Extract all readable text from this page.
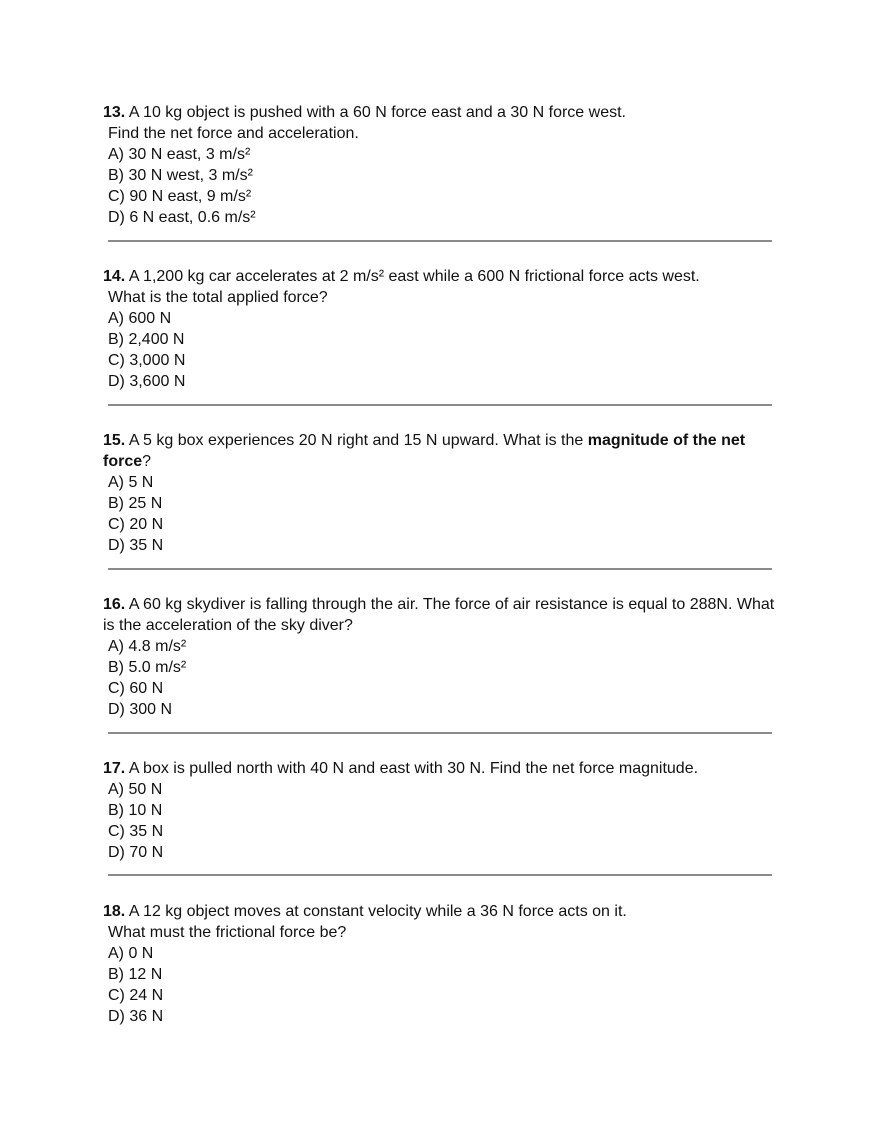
13. A 10 kg object is pushed with a 60 N force east and a 30 N force west.
Find the net force and acceleration.

A) 30 N east, 3 m/s²
B) 30 N west, 3 m/s²
C) 90 N east, 9 m/s²
D) 6 N east, 0.6 m/s²

14. A 1,200 kg car accelerates at 2 m/s² east while a 600 N frictional force acts west.
What is the total applied force?

A) 600 N
B) 2,400 N
C) 3,000 N
D) 3,600 N

15. A 5 kg box experiences 20 N right and 15 N upward. What is the magnitude of the net force?

A) 5 N
B) 25 N
C) 20 N
D) 35 N

16. A 60 kg skydiver is falling through the air. The force of air resistance is equal to 288N. What is the acceleration of the sky diver?

A) 4.8 m/s²
B) 5.0 m/s²
C) 60 N
D) 300 N

17. A box is pulled north with 40 N and east with 30 N. Find the net force magnitude.

A) 50 N
B) 10 N
C) 35 N
D) 70 N

18. A 12 kg object moves at constant velocity while a 36 N force acts on it.
What must the frictional force be?

A) 0 N
B) 12 N
C) 24 N
D) 36 N
